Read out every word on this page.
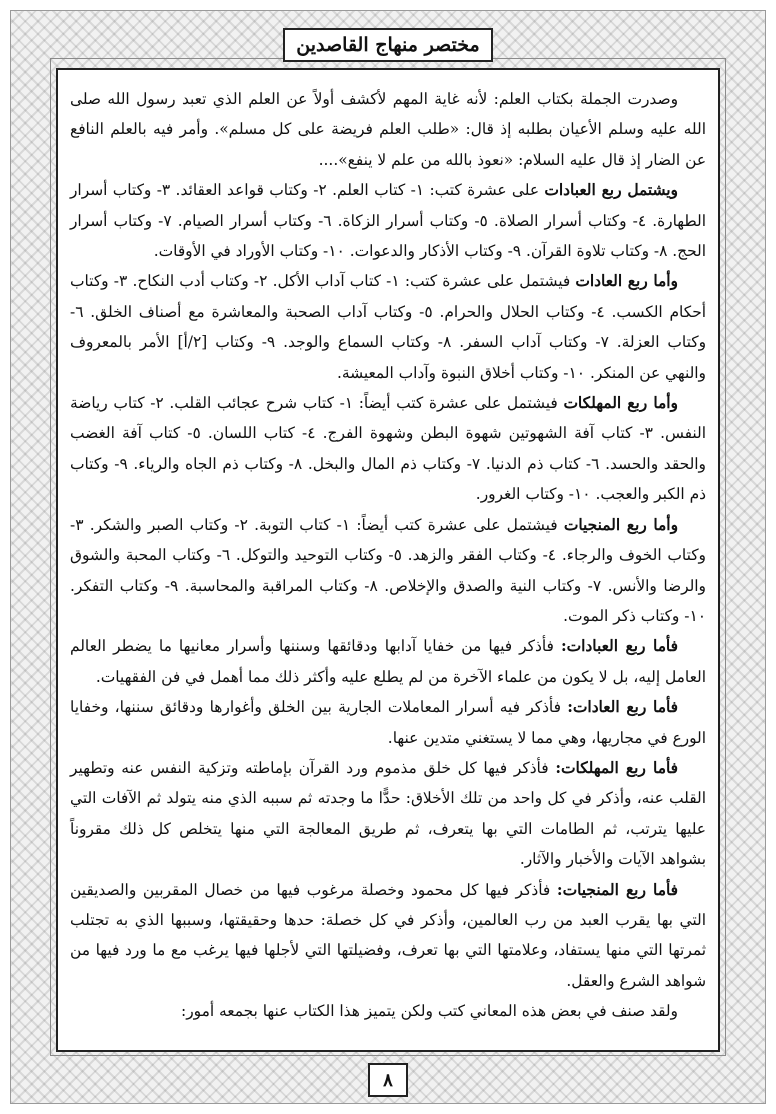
مختصر منهاج القاصدين

وصدرت الجملة بكتاب العلم: لأنه غاية المهم لأكشف أولاً عن العلم الذي تعبد رسول الله صلى الله عليه وسلم الأعيان بطلبه إذ قال: «طلب العلم فريضة على كل مسلم». وأمر فيه بالعلم النافع عن الضار إذ قال عليه السلام: «نعوذ بالله من علم لا ينفع»....

ويشتمل ربع العبادات على عشرة كتب: ١- كتاب العلم. ٢- وكتاب قواعد العقائد. ٣- وكتاب أسرار الطهارة. ٤- وكتاب أسرار الصلاة. ٥- وكتاب أسرار الزكاة. ٦- وكتاب أسرار الصيام. ٧- وكتاب أسرار الحج. ٨- وكتاب تلاوة القرآن. ٩- وكتاب الأذكار والدعوات. ١٠- وكتاب الأوراد في الأوقات.

وأما ربع العادات فيشتمل على عشرة كتب: ١- كتاب آداب الأكل. ٢- وكتاب أدب النكاح. ٣- وكتاب أحكام الكسب. ٤- وكتاب الحلال والحرام. ٥- وكتاب آداب الصحبة والمعاشرة مع أصناف الخلق. ٦- وكتاب العزلة. ٧- وكتاب آداب السفر. ٨- وكتاب السماع والوجد. ٩- وكتاب [٢/أ] الأمر بالمعروف والنهي عن المنكر. ١٠- وكتاب أخلاق النبوة وآداب المعيشة.

وأما ربع المهلكات فيشتمل على عشرة كتب أيضاً: ١- كتاب شرح عجائب القلب. ٢- كتاب رياضة النفس. ٣- كتاب آفة الشهوتين شهوة البطن وشهوة الفرج. ٤- كتاب اللسان. ٥- كتاب آفة الغضب والحقد والحسد. ٦- كتاب ذم الدنيا. ٧- وكتاب ذم المال والبخل. ٨- وكتاب ذم الجاه والرياء. ٩- وكتاب ذم الكبر والعجب. ١٠- وكتاب الغرور.

وأما ربع المنجيات فيشتمل على عشرة كتب أيضاً: ١- كتاب التوبة. ٢- وكتاب الصبر والشكر. ٣- وكتاب الخوف والرجاء. ٤- وكتاب الفقر والزهد. ٥- وكتاب التوحيد والتوكل. ٦- وكتاب المحبة والشوق والرضا والأنس. ٧- وكتاب النية والصدق والإخلاص. ٨- وكتاب المراقبة والمحاسبة. ٩- وكتاب التفكر. ١٠- وكتاب ذكر الموت.

فأما ربع العبادات: فأذكر فيها من خفايا آدابها ودقائقها وسننها وأسرار معانيها ما يضطر العالم العامل إليه، بل لا يكون من علماء الآخرة من لم يطلع عليه وأكثر ذلك مما أهمل في فن الفقهيات.

فأما ربع العادات: فأذكر فيه أسرار المعاملات الجارية بين الخلق وأغوارها ودقائق سننها، وخفايا الورع في مجاريها، وهي مما لا يستغني متدين عنها.

فأما ربع المهلكات: فأذكر فيها كل خلق مذموم ورد القرآن بإماطته وتزكية النفس عنه وتطهير القلب عنه، وأذكر في كل واحد من تلك الأخلاق: حدًّا ما وجدته ثم سببه الذي منه يتولد ثم الآفات التي عليها يترتب، ثم الطامات التي بها يتعرف، ثم طريق المعالجة التي منها يتخلص كل ذلك مقروناً بشواهد الآيات والأخبار والآثار.

فأما ربع المنجيات: فأذكر فيها كل محمود وخصلة مرغوب فيها من خصال المقربين والصديقين التي بها يقرب العبد من رب العالمين، وأذكر في كل خصلة: حدها وحقيقتها، وسببها الذي به تجتلب ثمرتها التي منها يستفاد، وعلامتها التي بها تعرف، وفضيلتها التي لأجلها فيها يرغب مع ما ورد فيها من شواهد الشرع والعقل.

ولقد صنف في بعض هذه المعاني كتب ولكن يتميز هذا الكتاب عنها بجمعه أمور:

٨
